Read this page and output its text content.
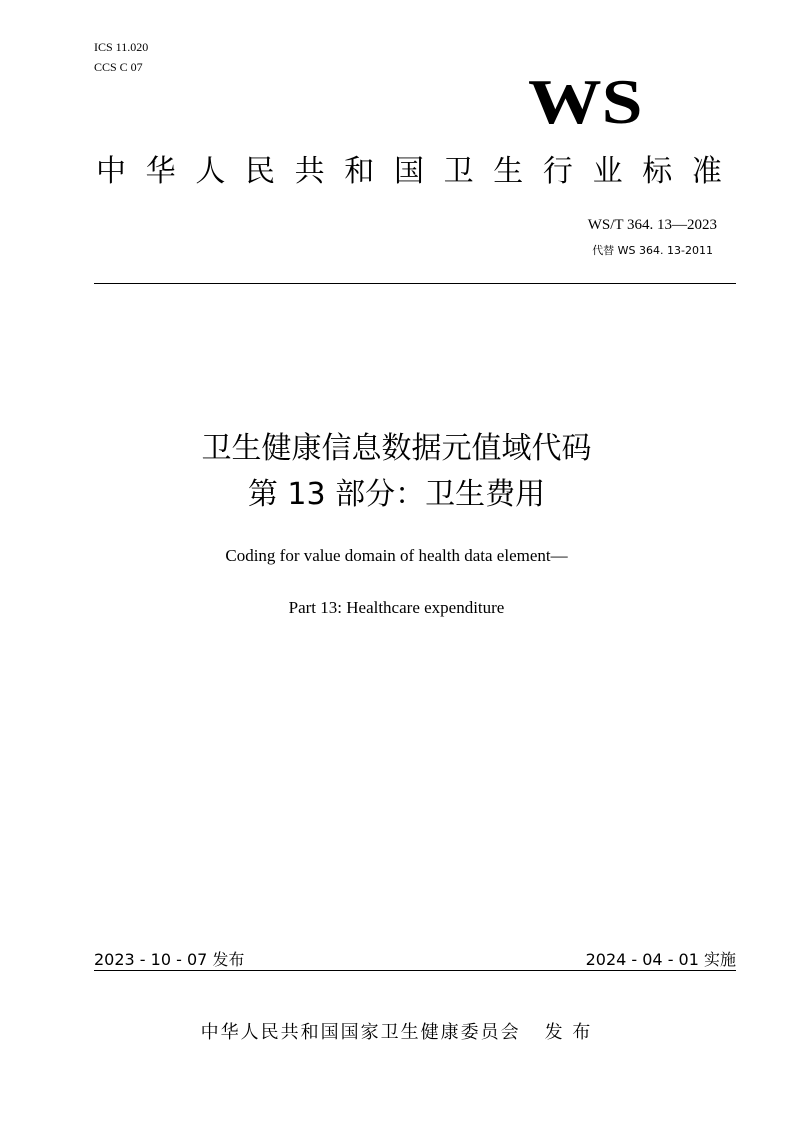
ICS 11.020
CCS C 07	WS
中 华 人 民 共 和 国 卫 生 行 业 标 准
WS/T 364. 13—2023
代替 WS 364. 13-2011
卫生健康信息数据元值域代码
第 13 部分：卫生费用
Coding for value domain of health data element—
Part 13: Healthcare expenditure
2023 - 10 - 07 发布	2024 - 04 - 01 实施
中华人民共和国国家卫生健康委员会 发 布
